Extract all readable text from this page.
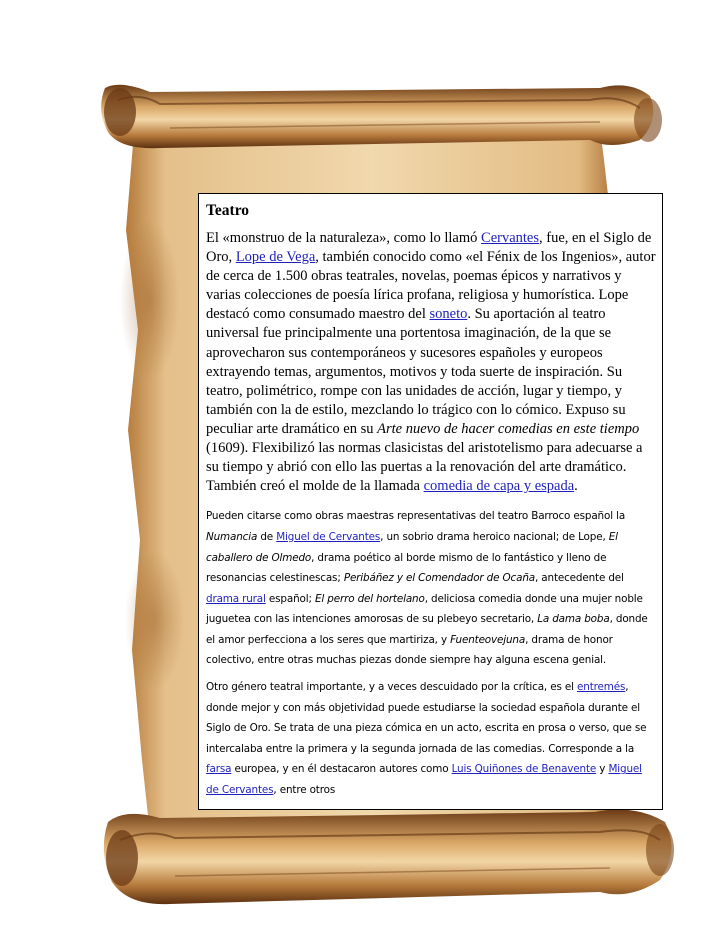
Teatro

El «monstruo de la naturaleza», como lo llamó Cervantes, fue, en el Siglo de Oro, Lope de Vega, también conocido como «el Fénix de los Ingenios», autor de cerca de 1.500 obras teatrales, novelas, poemas épicos y narrativos y varias colecciones de poesía lírica profana, religiosa y humorística. Lope destacó como consumado maestro del soneto. Su aportación al teatro universal fue principalmente una portentosa imaginación, de la que se aprovecharon sus contemporáneos y sucesores españoles y europeos extrayendo temas, argumentos, motivos y toda suerte de inspiración. Su teatro, polimétrico, rompe con las unidades de acción, lugar y tiempo, y también con la de estilo, mezclando lo trágico con lo cómico. Expuso su peculiar arte dramático en su Arte nuevo de hacer comedias en este tiempo (1609). Flexibilizó las normas clasicistas del aristotelismo para adecuarse a su tiempo y abrió con ello las puertas a la renovación del arte dramático. También creó el molde de la llamada comedia de capa y espada.

Pueden citarse como obras maestras representativas del teatro Barroco español la Numancia de Miguel de Cervantes, un sobrio drama heroico nacional; de Lope, El caballero de Olmedo, drama poético al borde mismo de lo fantástico y lleno de resonancias celestinescas; Peribáñez y el Comendador de Ocaña, antecedente del drama rural español; El perro del hortelano, deliciosa comedia donde una mujer noble juguetea con las intenciones amorosas de su plebeyo secretario, La dama boba, donde el amor perfecciona a los seres que martiriza, y Fuenteovejuna, drama de honor colectivo, entre otras muchas piezas donde siempre hay alguna escena genial.

Otro género teatral importante, y a veces descuidado por la crítica, es el entremés, donde mejor y con más objetividad puede estudiarse la sociedad española durante el Siglo de Oro. Se trata de una pieza cómica en un acto, escrita en prosa o verso, que se intercalaba entre la primera y la segunda jornada de las comedias. Corresponde a la farsa europea, y en él destacaron autores como Luis Quiñones de Benavente y Miguel de Cervantes, entre otros
